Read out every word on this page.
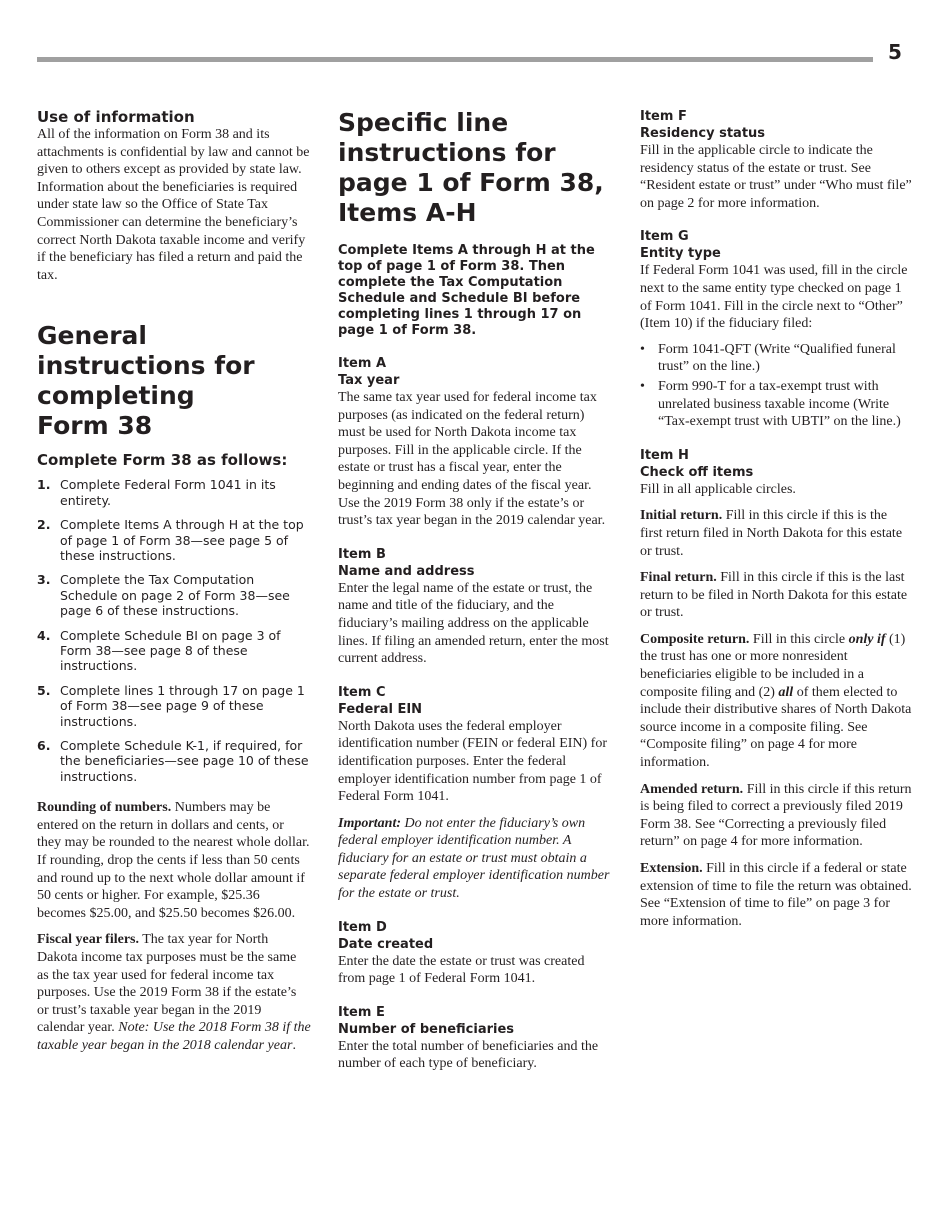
5
Use of information

All of the information on Form 38 and its attachments is confidential by law and cannot be given to others except as provided by state law. Information about the beneficiaries is required under state law so the Office of State Tax Commissioner can determine the beneficiary’s correct North Dakota taxable income and verify if the beneficiary has filed a return and paid the tax.

General
instructions for
completing
Form 38
Complete Form 38 as follows:
1. Complete Federal Form 1041 in its entirety.
2. Complete Items A through H at the top of page 1 of Form 38—see page 5 of these instructions.
3. Complete the Tax Computation Schedule on page 2 of Form 38—see page 6 of these instructions.
4. Complete Schedule BI on page 3 of Form 38—see page 8 of these instructions.
5. Complete lines 1 through 17 on page 1 of Form 38—see page 9 of these instructions.
6. Complete Schedule K-1, if required, for the beneficiaries—see page 10 of these instructions.

Rounding of numbers. Numbers may be entered on the return in dollars and cents, or they may be rounded to the nearest whole dollar. If rounding, drop the cents if less than 50 cents and round up to the next whole dollar amount if 50 cents or higher. For example, $25.36 becomes $25.00, and $25.50 becomes $26.00.

Fiscal year filers. The tax year for North Dakota income tax purposes must be the same as the tax year used for federal income tax purposes. Use the 2019 Form 38 if the estate’s or trust’s taxable year began in the 2019 calendar year. Note: Use the 2018 Form 38 if the taxable year began in the 2018 calendar year.

Specific line
instructions for
page 1 of Form 38,
Items A-H

Complete Items A through H at the top of page 1 of Form 38. Then complete the Tax Computation Schedule and Schedule BI before completing lines 1 through 17 on page 1 of Form 38.

Item A
Tax year

The same tax year used for federal income tax purposes (as indicated on the federal return) must be used for North Dakota income tax purposes. Fill in the applicable circle. If the estate or trust has a fiscal year, enter the beginning and ending dates of the fiscal year. Use the 2019 Form 38 only if the estate’s or trust’s tax year began in the 2019 calendar year.

Item B
Name and address

Enter the legal name of the estate or trust, the name and title of the fiduciary, and the fiduciary’s mailing address on the applicable lines. If filing an amended return, enter the most current address.

Item C
Federal EIN

North Dakota uses the federal employer identification number (FEIN or federal EIN) for identification purposes. Enter the federal employer identification number from page 1 of Federal Form 1041.

Important: Do not enter the fiduciary’s own federal employer identification number. A fiduciary for an estate or trust must obtain a separate federal employer identification number for the estate or trust.

Item D
Date created

Enter the date the estate or trust was created from page 1 of Federal Form 1041.

Item E
Number of beneficiaries

Enter the total number of beneficiaries and the number of each type of beneficiary.

Item F
Residency status

Fill in the applicable circle to indicate the residency status of the estate or trust. See “Resident estate or trust” under “Who must file” on page 2 for more information.

Item G
Entity type

If Federal Form 1041 was used, fill in the circle next to the same entity type checked on page 1 of Form 1041. Fill in the circle next to “Other” (Item 10) if the fiduciary filed:

• Form 1041-QFT (Write “Qualified funeral trust” on the line.)
• Form 990-T for a tax-exempt trust with unrelated business taxable income (Write “Tax-exempt trust with UBTI” on the line.)
Item H
Check off items

Fill in all applicable circles.

Initial return. Fill in this circle if this is the first return filed in North Dakota for this estate or trust.

Final return. Fill in this circle if this is the last return to be filed in North Dakota for this estate or trust.

Composite return. Fill in this circle only if (1) the trust has one or more nonresident beneficiaries eligible to be included in a composite filing and (2) all of them elected to include their distributive shares of North Dakota source income in a composite filing. See “Composite filing” on page 4 for more information.

Amended return. Fill in this circle if this return is being filed to correct a previously filed 2019 Form 38. See “Correcting a previously filed return” on page 4 for more information.

Extension. Fill in this circle if a federal or state extension of time to file the return was obtained. See “Extension of time to file” on page 3 for more information.
